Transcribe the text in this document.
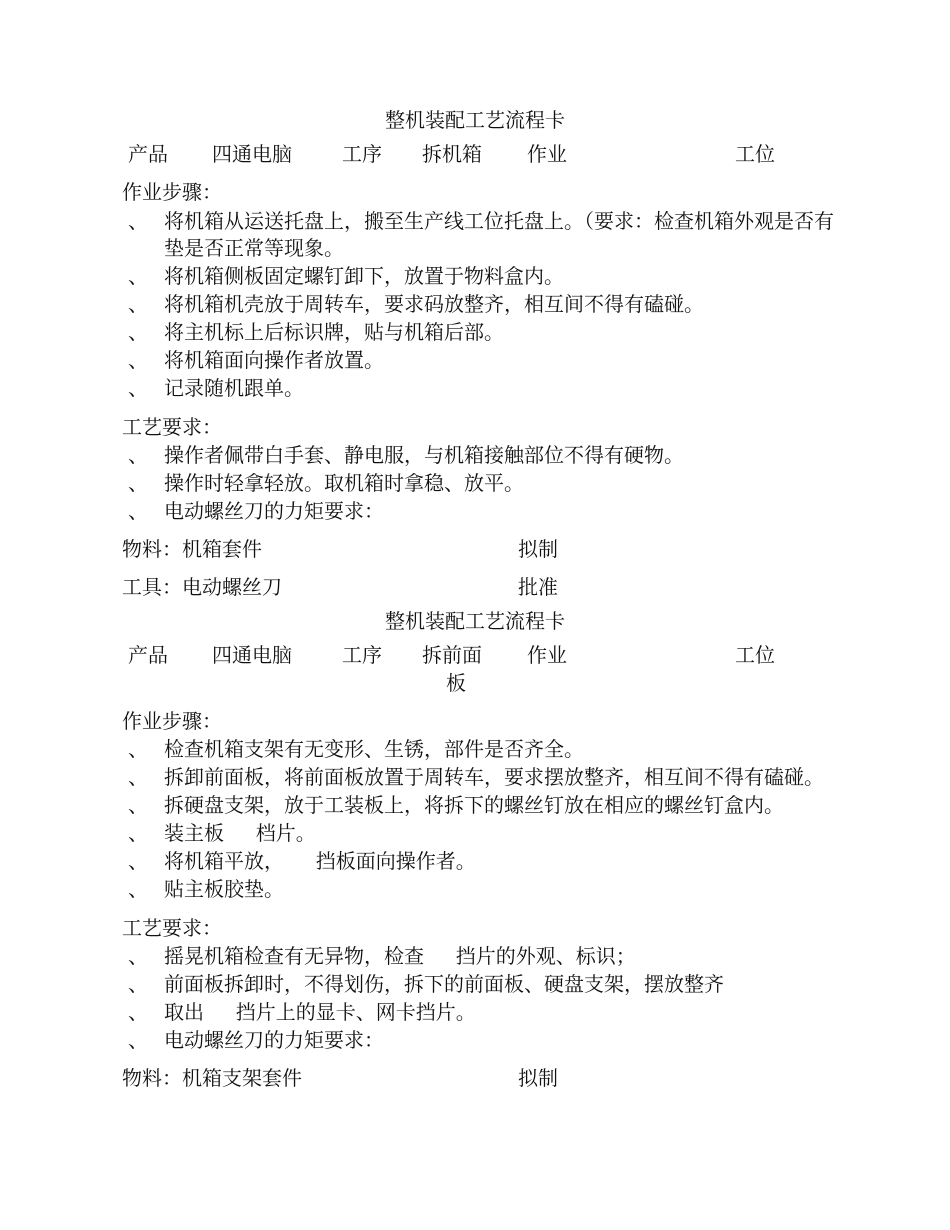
整机装配工艺流程卡
产品 四通电脑	工序 拆机箱 作业	工位
作业步骤：
、 将机箱从运送托盘上，搬至生产线工位托盘上。（要求：检查机箱外观是否有
垫是否正常等现象。
、 将机箱侧板固定螺钉卸下，放置于物料盒内。
、 将机箱机壳放于周转车，要求码放整齐，相互间不得有磕碰。
、 将主机标上后标识牌，贴与机箱后部。
、 将机箱面向操作者放置。
、 记录随机跟单。
工艺要求：
、 操作者佩带白手套、静电服，与机箱接触部位不得有硬物。
、 操作时轻拿轻放。取机箱时拿稳、放平。
、 电动螺丝刀的力矩要求：
物料：机箱套件	拟制
工具：电动螺丝刀	批准
整机装配工艺流程卡
产品 四通电脑	工序 拆前面
板
作业	工位
作业步骤：
、 检查机箱支架有无变形、生锈，部件是否齐全。
、 拆卸前面板，将前面板放置于周转车，要求摆放整齐，相互间不得有磕碰。
、 拆硬盘支架，放于工装板上，将拆下的螺丝钉放在相应的螺丝钉盒内。
、 装主板     档片。
、 将机箱平放，     挡板面向操作者。
、 贴主板胶垫。
工艺要求：
、 摇晃机箱检查有无异物，检查     挡片的外观、标识；
、 前面板拆卸时，不得划伤，拆下的前面板、硬盘支架，摆放整齐
、 取出     挡片上的显卡、网卡挡片。
、 电动螺丝刀的力矩要求：
物料：机箱支架套件	拟制
